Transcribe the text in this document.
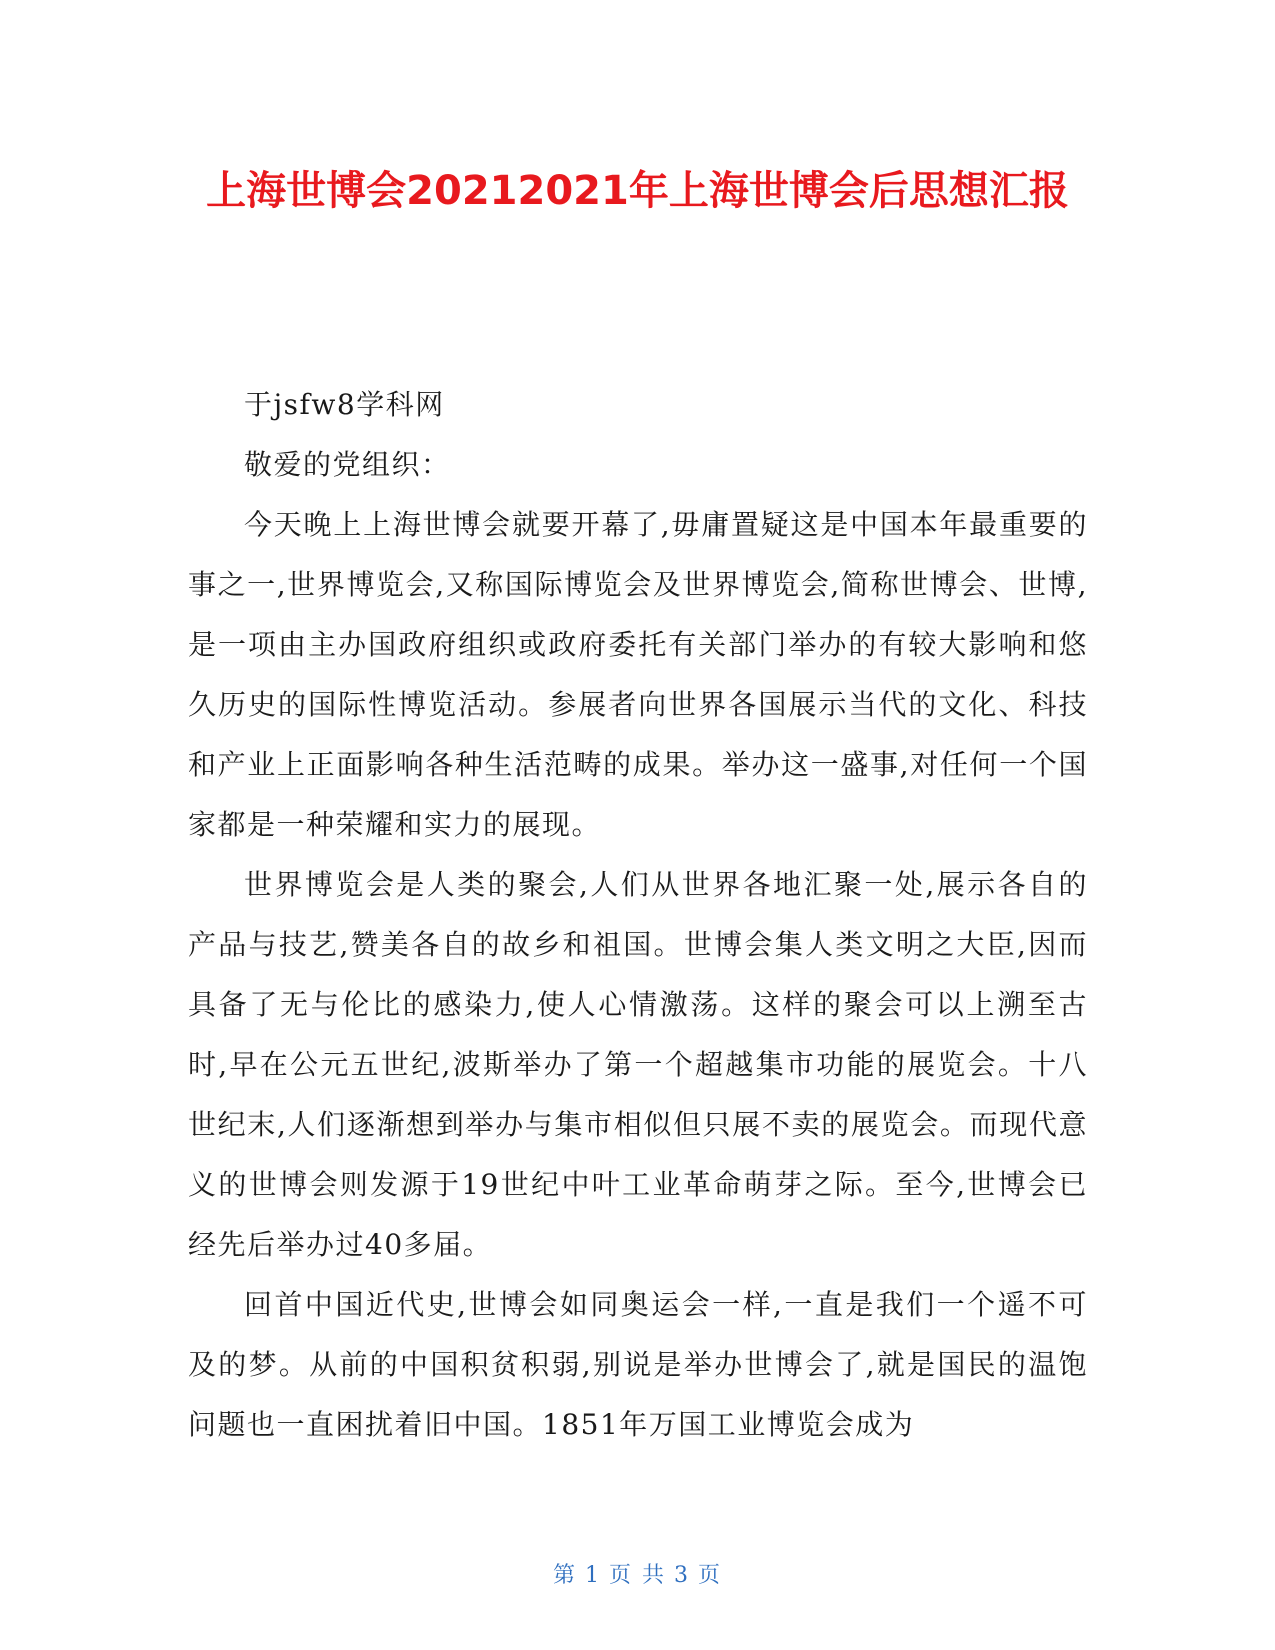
上海世博会20212021年上海世博会后思想汇报

于jsfw8学科网

敬爱的党组织：

今天晚上上海世博会就要开幕了,毋庸置疑这是中国本年最重要的事之一,世界博览会,又称国际博览会及世界博览会,简称世博会、世博,是一项由主办国政府组织或政府委托有关部门举办的有较大影响和悠久历史的国际性博览活动。参展者向世界各国展示当代的文化、科技和产业上正面影响各种生活范畴的成果。举办这一盛事,对任何一个国家都是一种荣耀和实力的展现。

世界博览会是人类的聚会,人们从世界各地汇聚一处,展示各自的产品与技艺,赞美各自的故乡和祖国。世博会集人类文明之大臣,因而具备了无与伦比的感染力,使人心情激荡。这样的聚会可以上溯至古时,早在公元五世纪,波斯举办了第一个超越集市功能的展览会。十八世纪末,人们逐渐想到举办与集市相似但只展不卖的展览会。而现代意义的世博会则发源于19世纪中叶工业革命萌芽之际。至今,世博会已经先后举办过40多届。

回首中国近代史,世博会如同奥运会一样,一直是我们一个遥不可及的梦。从前的中国积贫积弱,别说是举办世博会了,就是国民的温饱问题也一直困扰着旧中国。1851年万国工业博览会成为

第 1 页 共 3 页
